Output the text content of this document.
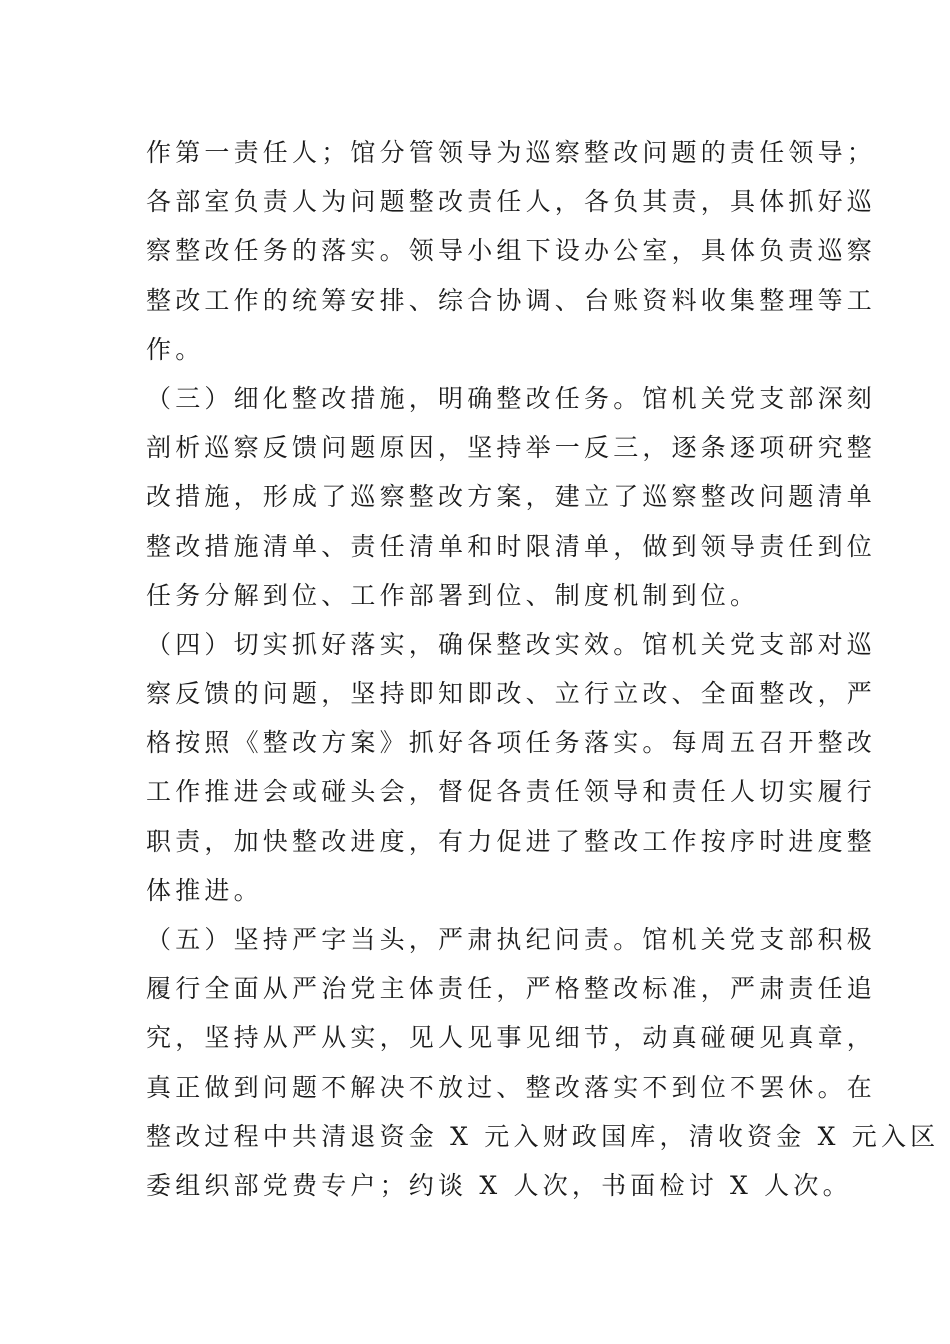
作第一责任人；馆分管领导为巡察整改问题的责任领导；
各部室负责人为问题整改责任人，各负其责，具体抓好巡
察整改任务的落实。领导小组下设办公室，具体负责巡察
整改工作的统筹安排、综合协调、台账资料收集整理等工
作。
（三）细化整改措施，明确整改任务。馆机关党支部深刻
剖析巡察反馈问题原因，坚持举一反三，逐条逐项研究整
改措施，形成了巡察整改方案，建立了巡察整改问题清单
整改措施清单、责任清单和时限清单，做到领导责任到位
任务分解到位、工作部署到位、制度机制到位。
（四）切实抓好落实，确保整改实效。馆机关党支部对巡
察反馈的问题，坚持即知即改、立行立改、全面整改，严
格按照《整改方案》抓好各项任务落实。每周五召开整改
工作推进会或碰头会，督促各责任领导和责任人切实履行
职责，加快整改进度，有力促进了整改工作按序时进度整
体推进。
（五）坚持严字当头，严肃执纪问责。馆机关党支部积极
履行全面从严治党主体责任，严格整改标准，严肃责任追
究，坚持从严从实，见人见事见细节，动真碰硬见真章，
真正做到问题不解决不放过、整改落实不到位不罢休。在
整改过程中共清退资金 X 元入财政国库，清收资金 X 元入区
委组织部党费专户；约谈 X 人次，书面检讨 X 人次。
